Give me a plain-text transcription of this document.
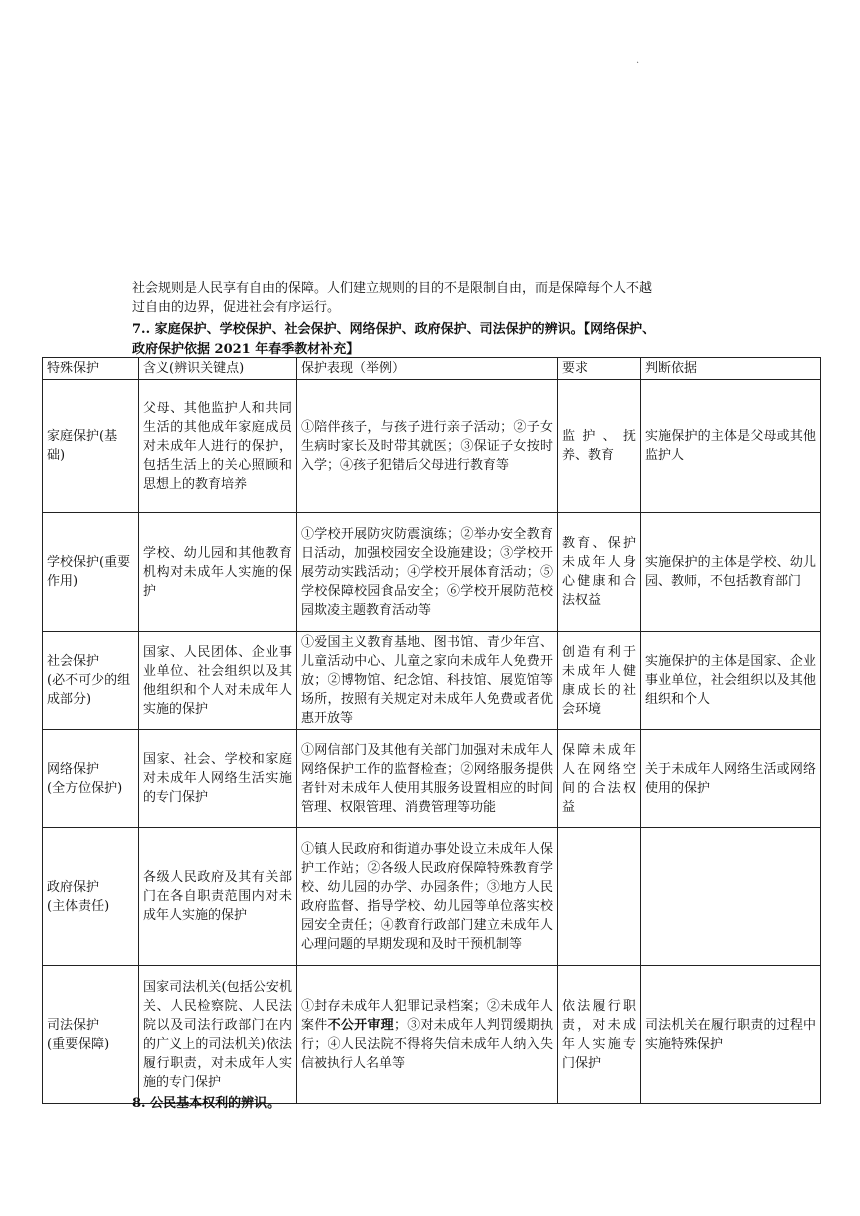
·

社会规则是人民享有自由的保障。人们建立规则的目的不是限制自由，而是保障每个人不越

过自由的边界，促进社会有序运行。

7.. 家庭保护、学校保护、社会保护、网络保护、政府保护、司法保护的辨识。【网络保护、
政府保护依据 2021 年春季教材补充】
特殊保护	含义(辨识关键点)	保护表现（举例）	要求	判断依据
家庭保护(基础)	父母、其他监护人和共同生活的其他成年家庭成员对未成年人进行的保护，包括生活上的关心照顾和思想上的教育培养	①陪伴孩子，与孩子进行亲子活动；②子女生病时家长及时带其就医；③保证子女按时入学；④孩子犯错后父母进行教育等	监护、抚养、教育	实施保护的主体是父母或其他监护人
学校保护(重要作用)	学校、幼儿园和其他教育机构对未成年人实施的保护	①学校开展防灾防震演练；②举办安全教育日活动，加强校园安全设施建设；③学校开展劳动实践活动；④学校开展体育活动；⑤学校保障校园食品安全；⑥学校开展防范校园欺凌主题教育活动等	教育、保护未成年人身心健康和合法权益	实施保护的主体是学校、幼儿园、教师，不包括教育部门

社会保护
(必不可少的组
成部分)	国家、人民团体、企业事业单位、社会组织以及其他组织和个人对未成年人实施的保护	①爱国主义教育基地、图书馆、青少年宫、儿童活动中心、儿童之家向未成年人免费开放；②博物馆、纪念馆、科技馆、展览馆等场所，按照有关规定对未成年人免费或者优惠开放等	创造有利于未成年人健康成长的社会环境	实施保护的主体是国家、企业事业单位，社会组织以及其他组织和个人

网络保护
(全方位保护)	国家、社会、学校和家庭对未成年人网络生活实施的专门保护	①网信部门及其他有关部门加强对未成年人网络保护工作的监督检查；②网络服务提供者针对未成年人使用其服务设置相应的时间管理、权限管理、消费管理等功能	保障未成年人在网络空间的合法权益	关于未成年人网络生活或网络使用的保护

政府保护
(主体责任)	各级人民政府及其有关部门在各自职责范围内对未成年人实施的保护	①镇人民政府和街道办事处设立未成年人保护工作站；②各级人民政府保障特殊教育学校、幼儿园的办学、办园条件；③地方人民政府监督、指导学校、幼儿园等单位落实校园安全责任；④教育行政部门建立未成年人心理问题的早期发现和及时干预机制等		

司法保护
(重要保障)	国家司法机关(包括公安机关、人民检察院、人民法院以及司法行政部门在内的广义上的司法机关)依法履行职责，对未成年人实施的专门保护	①封存未成年人犯罪记录档案；②未成年人案件不公开审理；③对未成年人判罚缓期执行；④人民法院不得将失信未成年人纳入失信被执行人名单等	依法履行职责，对未成年人实施专门保护	司法机关在履行职责的过程中实施特殊保护
8. 公民基本权利的辨识。
